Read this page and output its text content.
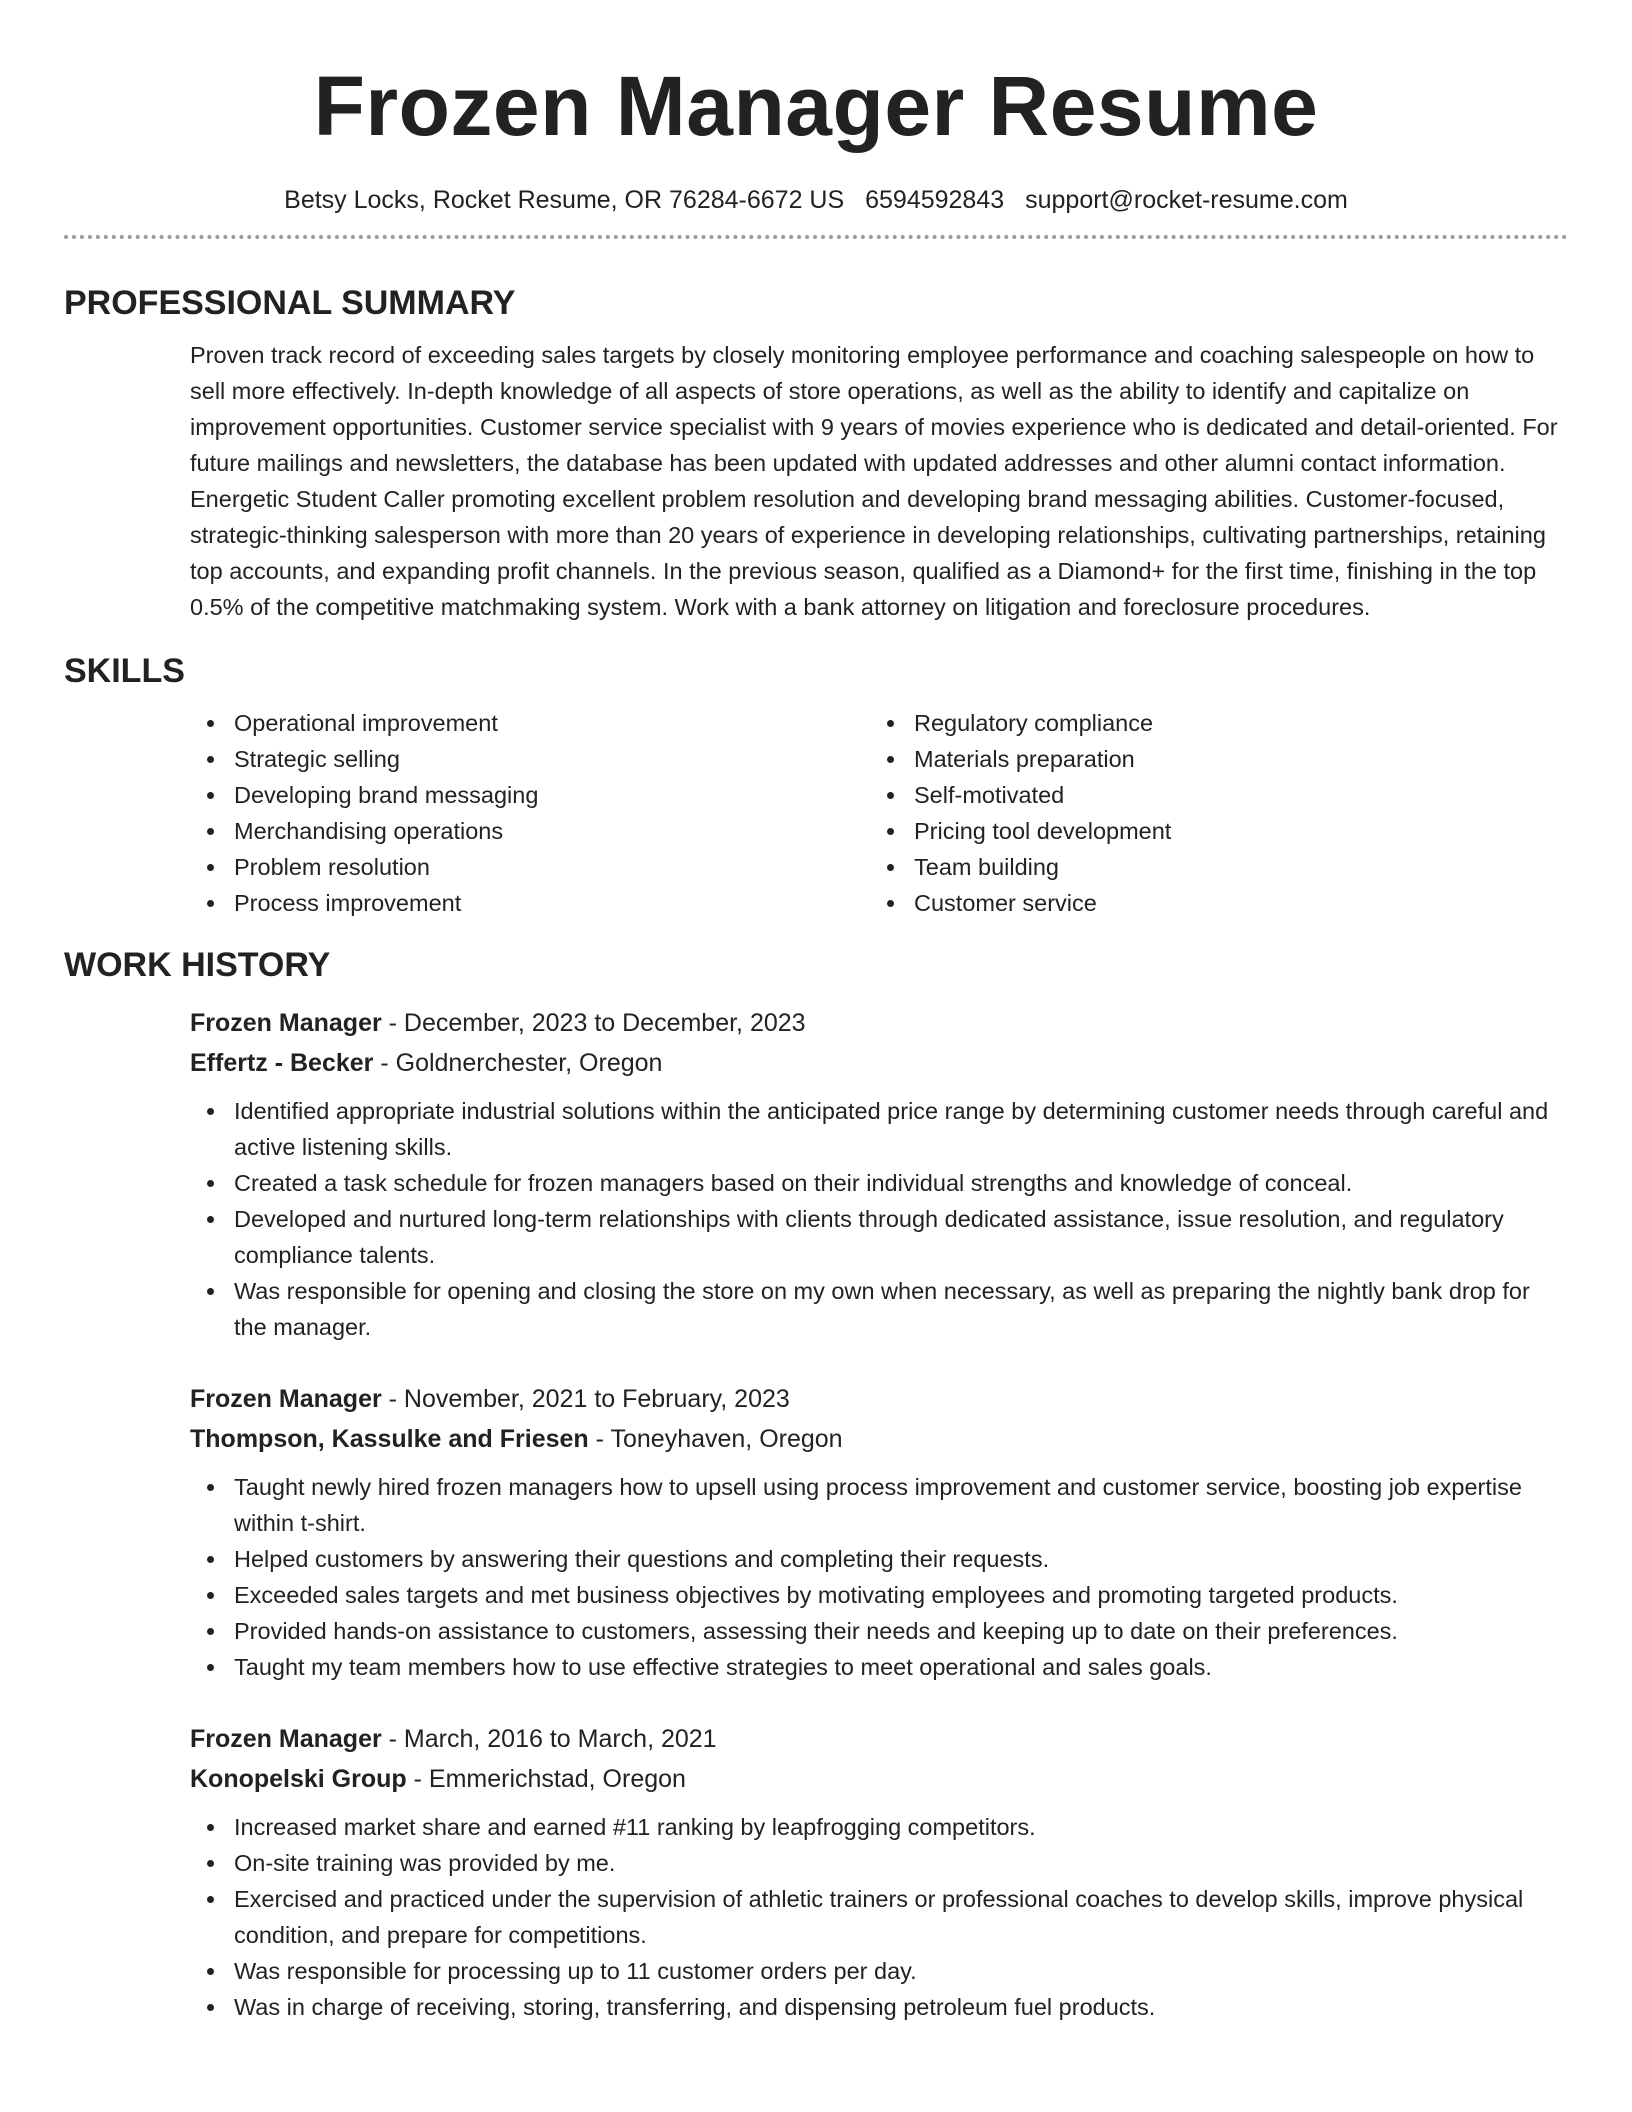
Frozen Manager Resume
Betsy Locks, Rocket Resume, OR 76284-6672 US 6594592843 support@rocket-resume.com
PROFESSIONAL SUMMARY

Proven track record of exceeding sales targets by closely monitoring employee performance and coaching salespeople on how to sell more effectively. In-depth knowledge of all aspects of store operations, as well as the ability to identify and capitalize on improvement opportunities. Customer service specialist with 9 years of movies experience who is dedicated and detail-oriented. For future mailings and newsletters, the database has been updated with updated addresses and other alumni contact information. Energetic Student Caller promoting excellent problem resolution and developing brand messaging abilities. Customer-focused, strategic-thinking salesperson with more than 20 years of experience in developing relationships, cultivating partnerships, retaining top accounts, and expanding profit channels. In the previous season, qualified as a Diamond+ for the first time, finishing in the top 0.5% of the competitive matchmaking system. Work with a bank attorney on litigation and foreclosure procedures.

SKILLS
Operational improvement
Strategic selling
Developing brand messaging
Merchandising operations
Problem resolution
Process improvement
Regulatory compliance
Materials preparation
Self-motivated
Pricing tool development
Team building
Customer service
WORK HISTORY
Frozen Manager - December, 2023 to December, 2023
Effertz - Becker - Goldnerchester, Oregon
Identified appropriate industrial solutions within the anticipated price range by determining customer needs through careful and active listening skills.
Created a task schedule for frozen managers based on their individual strengths and knowledge of conceal.
Developed and nurtured long-term relationships with clients through dedicated assistance, issue resolution, and regulatory compliance talents.
Was responsible for opening and closing the store on my own when necessary, as well as preparing the nightly bank drop for the manager.
Frozen Manager - November, 2021 to February, 2023
Thompson, Kassulke and Friesen - Toneyhaven, Oregon
Taught newly hired frozen managers how to upsell using process improvement and customer service, boosting job expertise within t-shirt.
Helped customers by answering their questions and completing their requests.
Exceeded sales targets and met business objectives by motivating employees and promoting targeted products.
Provided hands-on assistance to customers, assessing their needs and keeping up to date on their preferences.
Taught my team members how to use effective strategies to meet operational and sales goals.
Frozen Manager - March, 2016 to March, 2021
Konopelski Group - Emmerichstad, Oregon
Increased market share and earned #11 ranking by leapfrogging competitors.
On-site training was provided by me.
Exercised and practiced under the supervision of athletic trainers or professional coaches to develop skills, improve physical condition, and prepare for competitions.
Was responsible for processing up to 11 customer orders per day.
Was in charge of receiving, storing, transferring, and dispensing petroleum fuel products.
